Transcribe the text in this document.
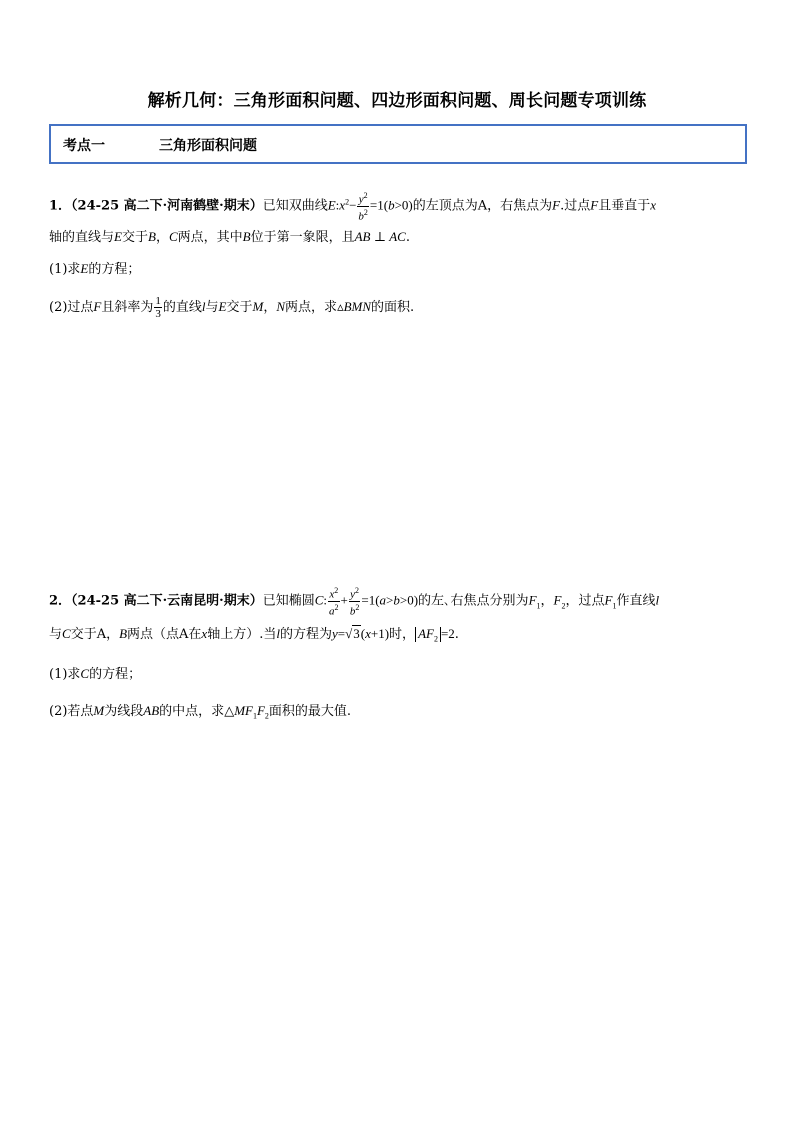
解析几何：三角形面积问题、四边形面积问题、周长问题专项训练
考点一	三角形面积问题
1．（24-25 高二下·河南鹤壁·期末）已知双曲线$E:x^2- \frac{y^2}{b^2} =1(b>0)$的左顶点为A，右焦点为F.过点F且垂直于x
轴的直线与E交于B，C两点，其中B位于第一象限，且AB ⊥ AC.
(1)求E的方程；
(2)过点F且斜率为 $\frac{1}{3}$ 的直线l与E交于M，N两点，求▵BMN的面积.
2．（24-25 高二下·云南昆明·期末）已知椭圆C: $\frac{x^2}{a^2} + \frac{y^2}{b^2} =1(a>b>0)$的左､右焦点分别为$F_1$，$F_2$，过点$F_1$作直线l
与C交于A，B两点（点A在x轴上方）.当l的方程为y=√3(x+1)时， $AF_2 =2$.
(1)求C的方程；
(2)若点M为线段AB的中点，求$\triangle MF_1F_2$面积的最大值.
